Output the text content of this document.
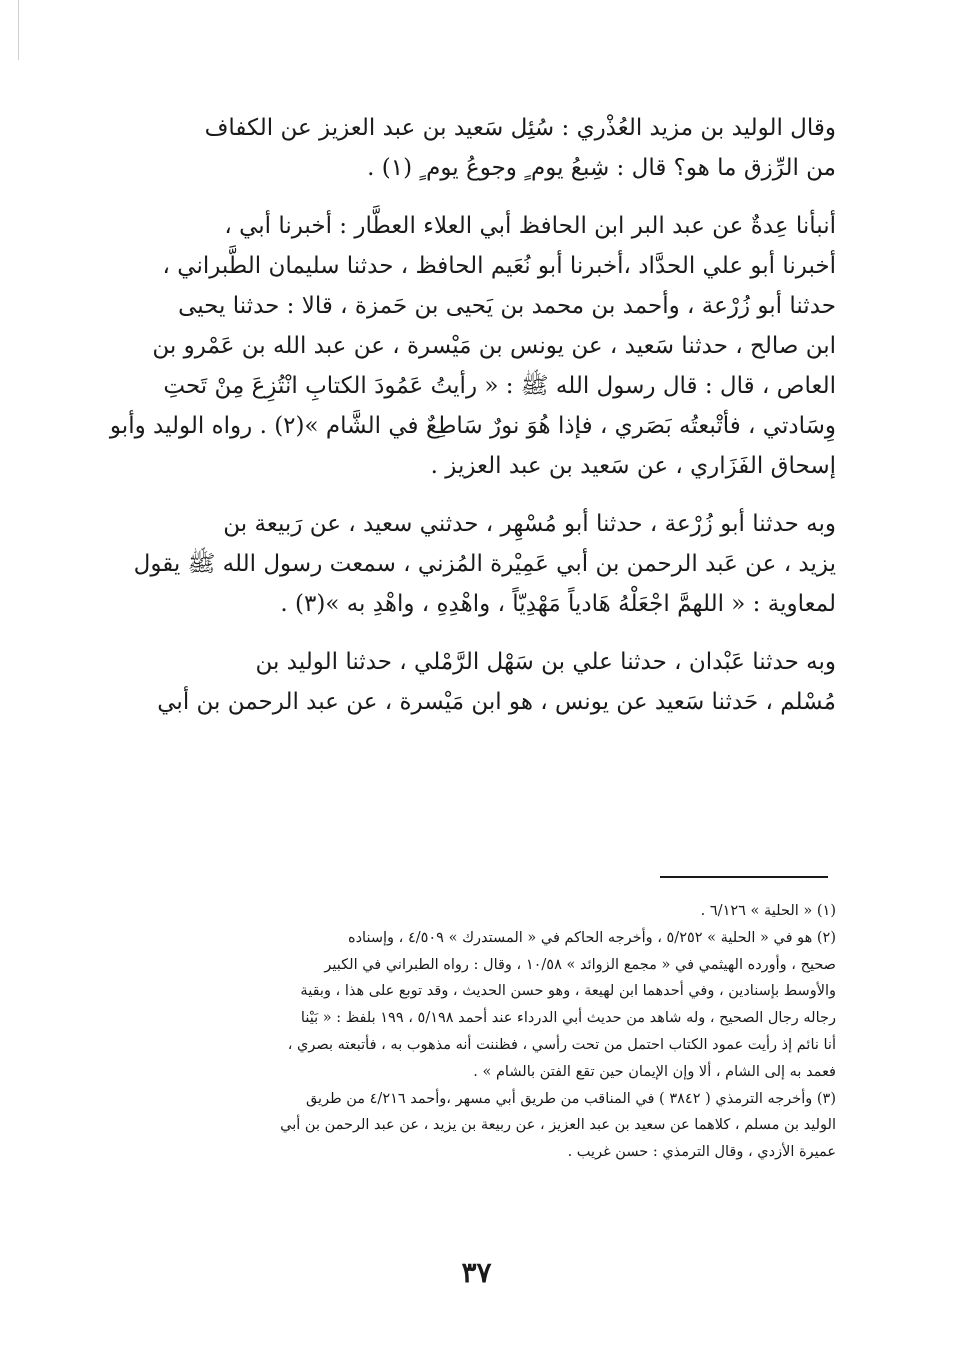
وقال الوليد بن مزيد العُذْري : سُئِل سَعيد بن عبد العزيز عن الكفاف
من الرِّزق ما هو؟ قال : شِبعُ يوم ٍ وجوعُ يوم ٍ (١) .

أنبأنا عِدةٌ عن عبد البر ابن الحافظ أبي العلاء العطَّار : أخبرنا أبي ،
أخبرنا أبو علي الحدَّاد ،أخبرنا أبو نُعَيم الحافظ ، حدثنا سليمان الطَّبراني ،
حدثنا أبو زُرْعة ، وأحمد بن محمد بن يَحيى بن حَمزة ، قالا : حدثنا يحيى
ابن صالح ، حدثنا سَعيد ، عن يونس بن مَيْسرة ، عن عبد الله بن عَمْرو بن
العاص ، قال : قال رسول الله ﷺ : « رأيتُ عَمُودَ الكتابِ انْتُزِعَ مِنْ تَحتِ
وِسَادتي ، فأتْبعتُه بَصَري ، فإذا هُوَ نورٌ سَاطِعٌ في الشَّام »(٢) . رواه الوليد وأبو
إسحاق الفَزَاري ، عن سَعيد بن عبد العزيز .

وبه حدثنا أبو زُرْعة ، حدثنا أبو مُسْهِر ، حدثني سعيد ، عن رَبيعة بن
يزيد ، عن عَبد الرحمن بن أبي عَمِيْرة المُزني ، سمعت رسول الله ﷺ يقول
لمعاوية : « اللهمَّ اجْعَلْهُ هَادياً مَهْدِيّاً ، واهْدِهِ ، واهْدِ به »(٣) .

وبه حدثنا عَبْدان ، حدثنا علي بن سَهْل الرَّمْلي ، حدثنا الوليد بن
مُسْلم ، حَدثنا سَعيد عن يونس ، هو ابن مَيْسرة ، عن عبد الرحمن بن أبي

(١) « الحلية » ٦/١٢٦ .

(٢) هو في « الحلية » ٥/٢٥٢ ، وأخرجه الحاكم في « المستدرك » ٤/٥٠٩ ، وإسناده
صحيح ، وأورده الهيثمي في « مجمع الزوائد » ١٠/٥٨ ، وقال : رواه الطبراني في الكبير
والأوسط بإسنادين ، وفي أحدهما ابن لهيعة ، وهو حسن الحديث ، وقد توبع على هذا ، وبقية
رجاله رجال الصحيح ، وله شاهد من حديث أبي الدرداء عند أحمد ٥/١٩٨ ، ١٩٩ بلفظ : « بَيْنا
أنا نائم إذ رأيت عمود الكتاب احتمل من تحت رأسي ، فظننت أنه مذهوب به ، فأتبعته بصري ،
فعمد به إلى الشام ، ألا وإن الإيمان حين تقع الفتن بالشام » .

(٣) وأخرجه الترمذي ( ٣٨٤٢ ) في المناقب من طريق أبي مسهر ،وأحمد ٤/٢١٦ من طريق
الوليد بن مسلم ، كلاهما عن سعيد بن عبد العزيز ، عن ربيعة بن يزيد ، عن عبد الرحمن بن أبي
عميرة الأزدي ، وقال الترمذي : حسن غريب .

٣٧
